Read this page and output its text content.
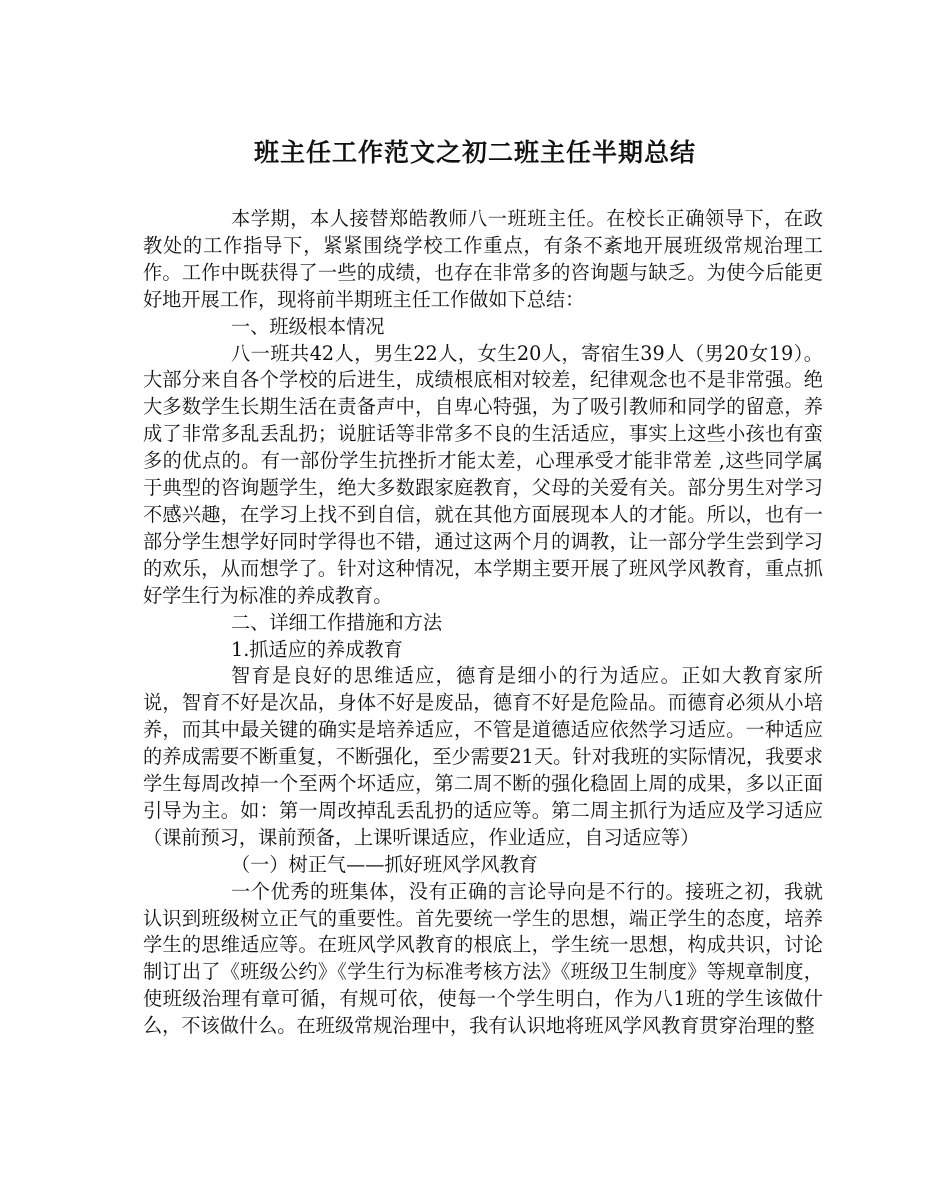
班主任工作范文之初二班主任半期总结

本学期，本人接替郑皓教师八一班班主任。在校长正确领导下，在政教处的工作指导下，紧紧围绕学校工作重点，有条不紊地开展班级常规治理工作。工作中既获得了一些的成绩，也存在非常多的咨询题与缺乏。为使今后能更好地开展工作，现将前半期班主任工作做如下总结：

一、班级根本情况

八一班共42人，男生22人，女生20人，寄宿生39人（男20女19）。大部分来自各个学校的后进生，成绩根底相对较差，纪律观念也不是非常强。绝大多数学生长期生活在责备声中，自卑心特强，为了吸引教师和同学的留意，养成了非常多乱丢乱扔；说脏话等非常多不良的生活适应，事实上这些小孩也有蛮多的优点的。有一部份学生抗挫折才能太差，心理承受才能非常差 ,这些同学属于典型的咨询题学生，绝大多数跟家庭教育，父母的关爱有关。部分男生对学习不感兴趣，在学习上找不到自信，就在其他方面展现本人的才能。所以，也有一部分学生想学好同时学得也不错，通过这两个月的调教，让一部分学生尝到学习的欢乐，从而想学了。针对这种情况，本学期主要开展了班风学风教育，重点抓好学生行为标准的养成教育。

二、详细工作措施和方法

1.抓适应的养成教育

智育是良好的思维适应，德育是细小的行为适应。正如大教育家所说，智育不好是次品，身体不好是废品，德育不好是危险品。而德育必须从小培养，而其中最关键的确实是培养适应，不管是道德适应依然学习适应。一种适应的养成需要不断重复，不断强化，至少需要21天。针对我班的实际情况，我要求学生每周改掉一个至两个坏适应，第二周不断的强化稳固上周的成果，多以正面引导为主。如：第一周改掉乱丢乱扔的适应等。第二周主抓行为适应及学习适应（课前预习，课前预备，上课听课适应，作业适应，自习适应等）

（一）树正气——抓好班风学风教育

一个优秀的班集体，没有正确的言论导向是不行的。接班之初，我就认识到班级树立正气的重要性。首先要统一学生的思想，端正学生的态度，培养学生的思维适应等。在班风学风教育的根底上，学生统一思想，构成共识，讨论制订出了《班级公约》《学生行为标准考核方法》《班级卫生制度》等规章制度，使班级治理有章可循，有规可依，使每一个学生明白，作为八1班的学生该做什么，不该做什么。在班级常规治理中，我有认识地将班风学风教育贯穿治理的整
